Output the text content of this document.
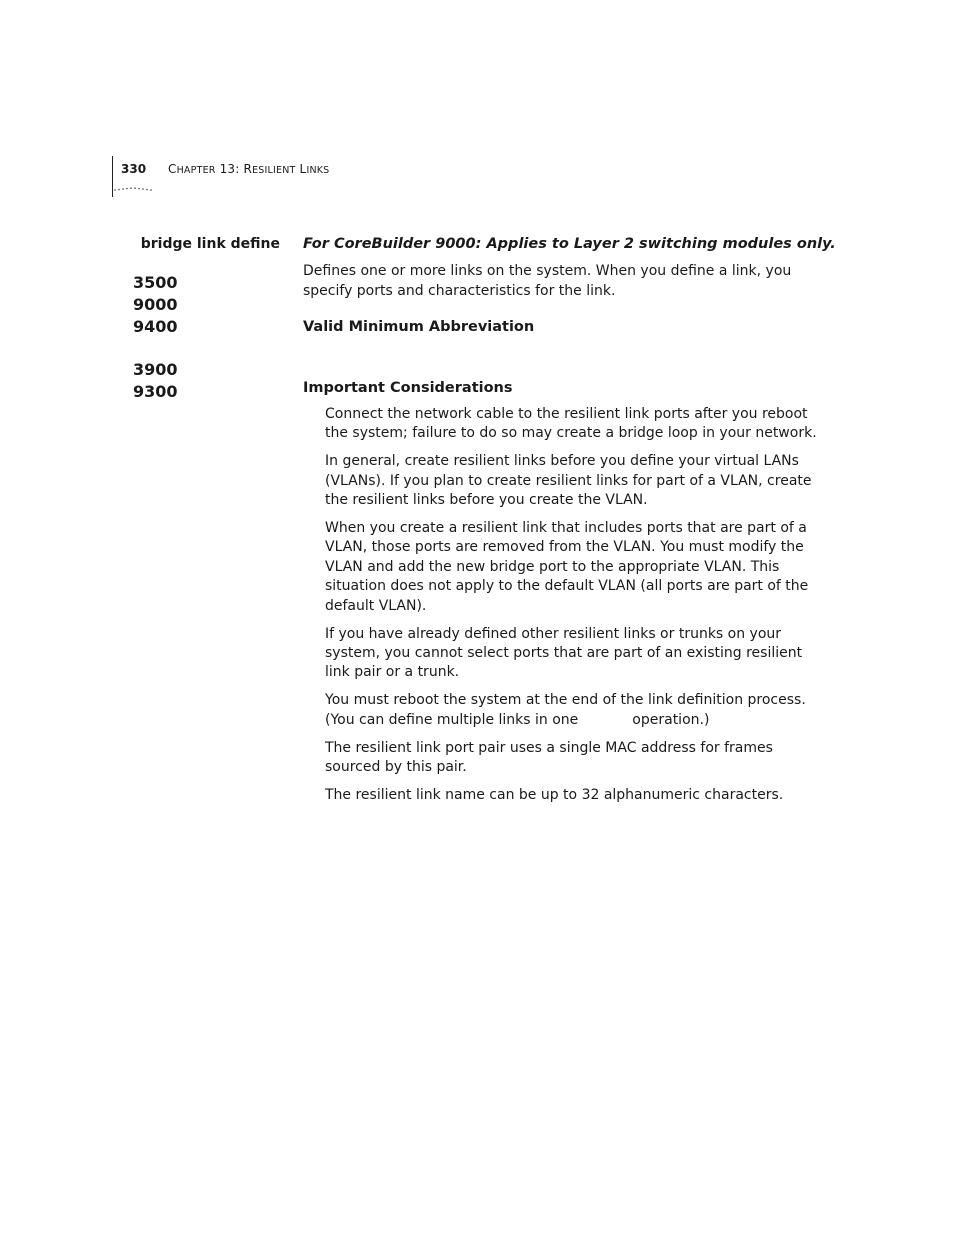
330 CHAPTER 13: RESILIENT LINKS
bridge link define
3500
9000
9400
3900
9300
For CoreBuilder 9000: Applies to Layer 2 switching modules only.

Defines one or more links on the system. When you define a link, you specify ports and characteristics for the link.

Valid Minimum Abbreviation
Important Considerations
Connect the network cable to the resilient link ports after you reboot the system; failure to do so may create a bridge loop in your network.
In general, create resilient links before you define your virtual LANs (VLANs). If you plan to create resilient links for part of a VLAN, create the resilient links before you create the VLAN.
When you create a resilient link that includes ports that are part of a VLAN, those ports are removed from the VLAN. You must modify the VLAN and add the new bridge port to the appropriate VLAN. This situation does not apply to the default VLAN (all ports are part of the default VLAN).
If you have already defined other resilient links or trunks on your system, you cannot select ports that are part of an existing resilient link pair or a trunk.
You must reboot the system at the end of the link definition process. (You can define multiple links in one	operation.)
The resilient link port pair uses a single MAC address for frames sourced by this pair.
The resilient link name can be up to 32 alphanumeric characters.
